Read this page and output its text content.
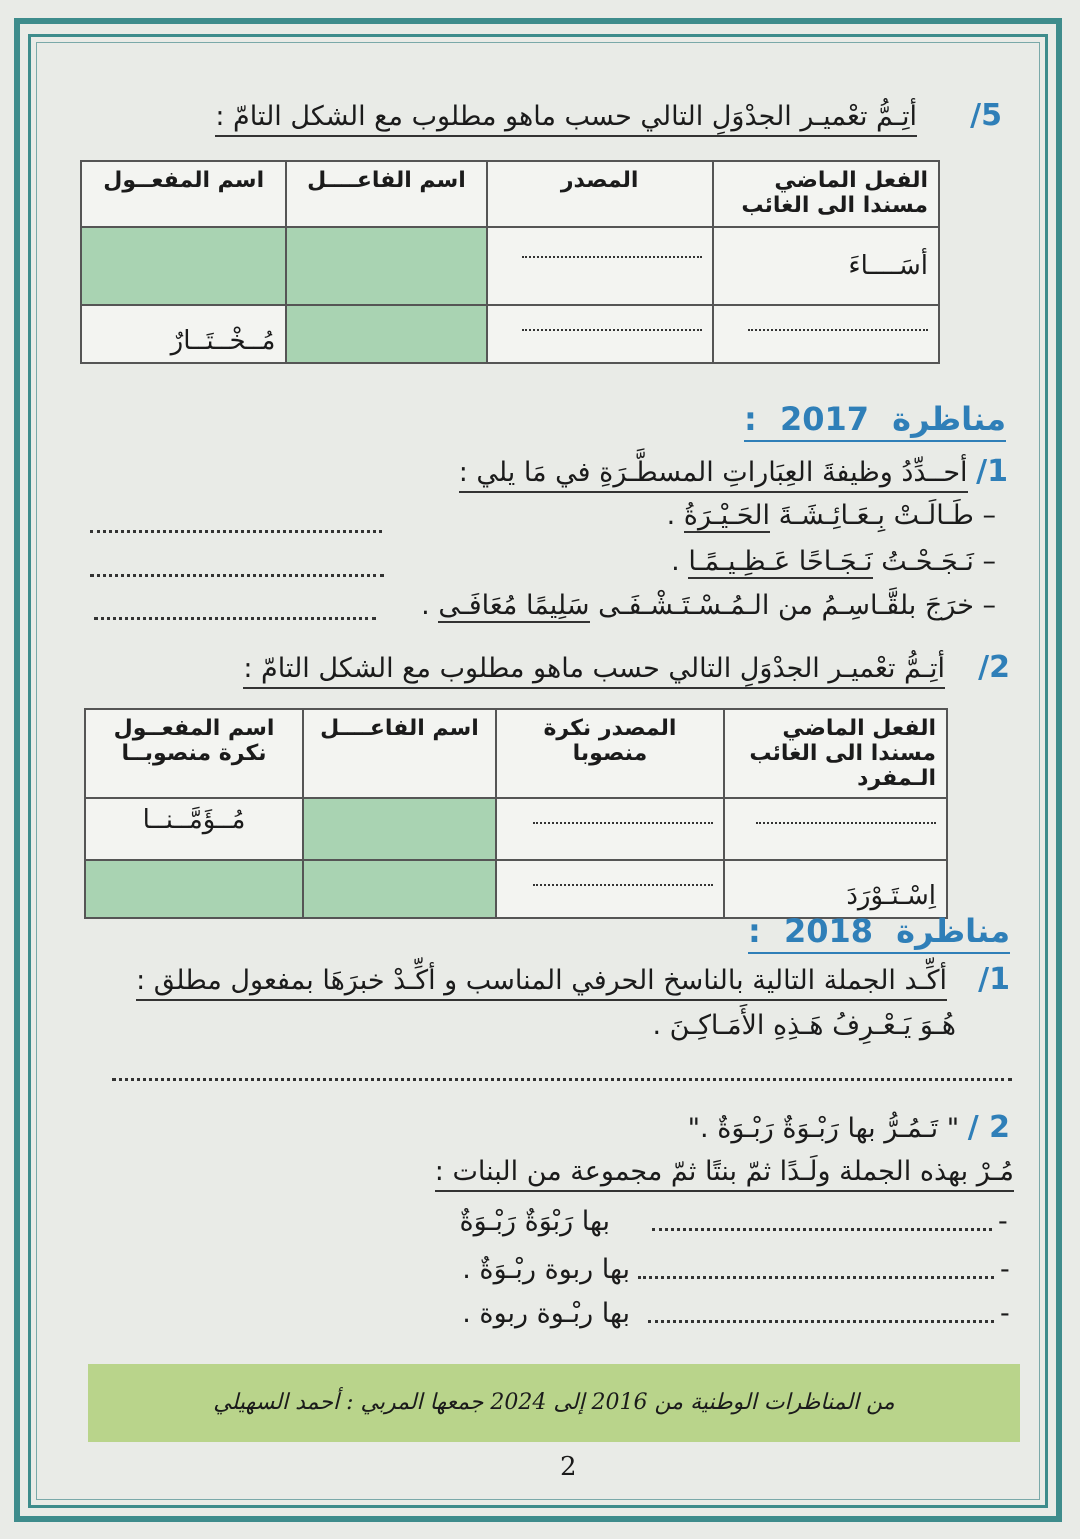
5/  أتِـمُّ تعْميـر الجدْوَلِ التالي حسب ماهو مطلوب مع الشكل التامّ :
الفعل الماضي مسندا الى الغائب	المصدر	اسم الفاعــــل	اسم المفعــول
أسَــــاءَ			
			مُــخْــتَــارٌ
مناظرة 2017 :
1/ أحــدِّدُ وظيفةَ العِبَاراتِ المسطَّـرَةِ في مَا يلي :
– طَـالَـتْ بِـعَـائِـشَـةَ الحَـيْـرَةُ .
– نَـجَـحْـتُ نَـجَـاحًا عَـظِـيـمًـا .
– خرَجَ بلقَّـاسِـمُ من الـمُـسْـتَـشْـفَـى سَلِيمًا مُعَافَـى .
2/  أتِـمُّ تعْميـر الجدْوَلِ التالي حسب ماهو مطلوب مع الشكل التامّ :
الفعل الماضي مسندا الى الغائب الـمفرد	المصدر نكرة منصوبا	اسم الفاعــــل	اسم المفعــول نكرة منصوبــا
			مُــؤَمَّــنــا
اِسْـتَـوْرَدَ			
مناظرة 2018 :
1/  أكِّـد الجملة التالية بالناسخ الحرفي المناسب و أكِّـدْ خبرَهَا بمفعول مطلق :
هُـوَ يَـعْـرِفُ هَـذِهِ الأَمَـاكِـنَ .
2 / " تَـمُـرُّ بها رَبْـوَةٌ رَبْـوَةٌ ."
مُـرْ بهذه الجملة ولَـدًا ثمّ بنتًا ثمّ مجموعة من البنات :
بها رَبْوَةٌ رَبْـوَةٌ	-
بها ربوة ربْـوَةٌ .	-
بها ربْـوة ربوة .	-
من المناظرات الوطنية من 2016 إلى 2024 جمعها المربي : أحمد السهيلي
2
